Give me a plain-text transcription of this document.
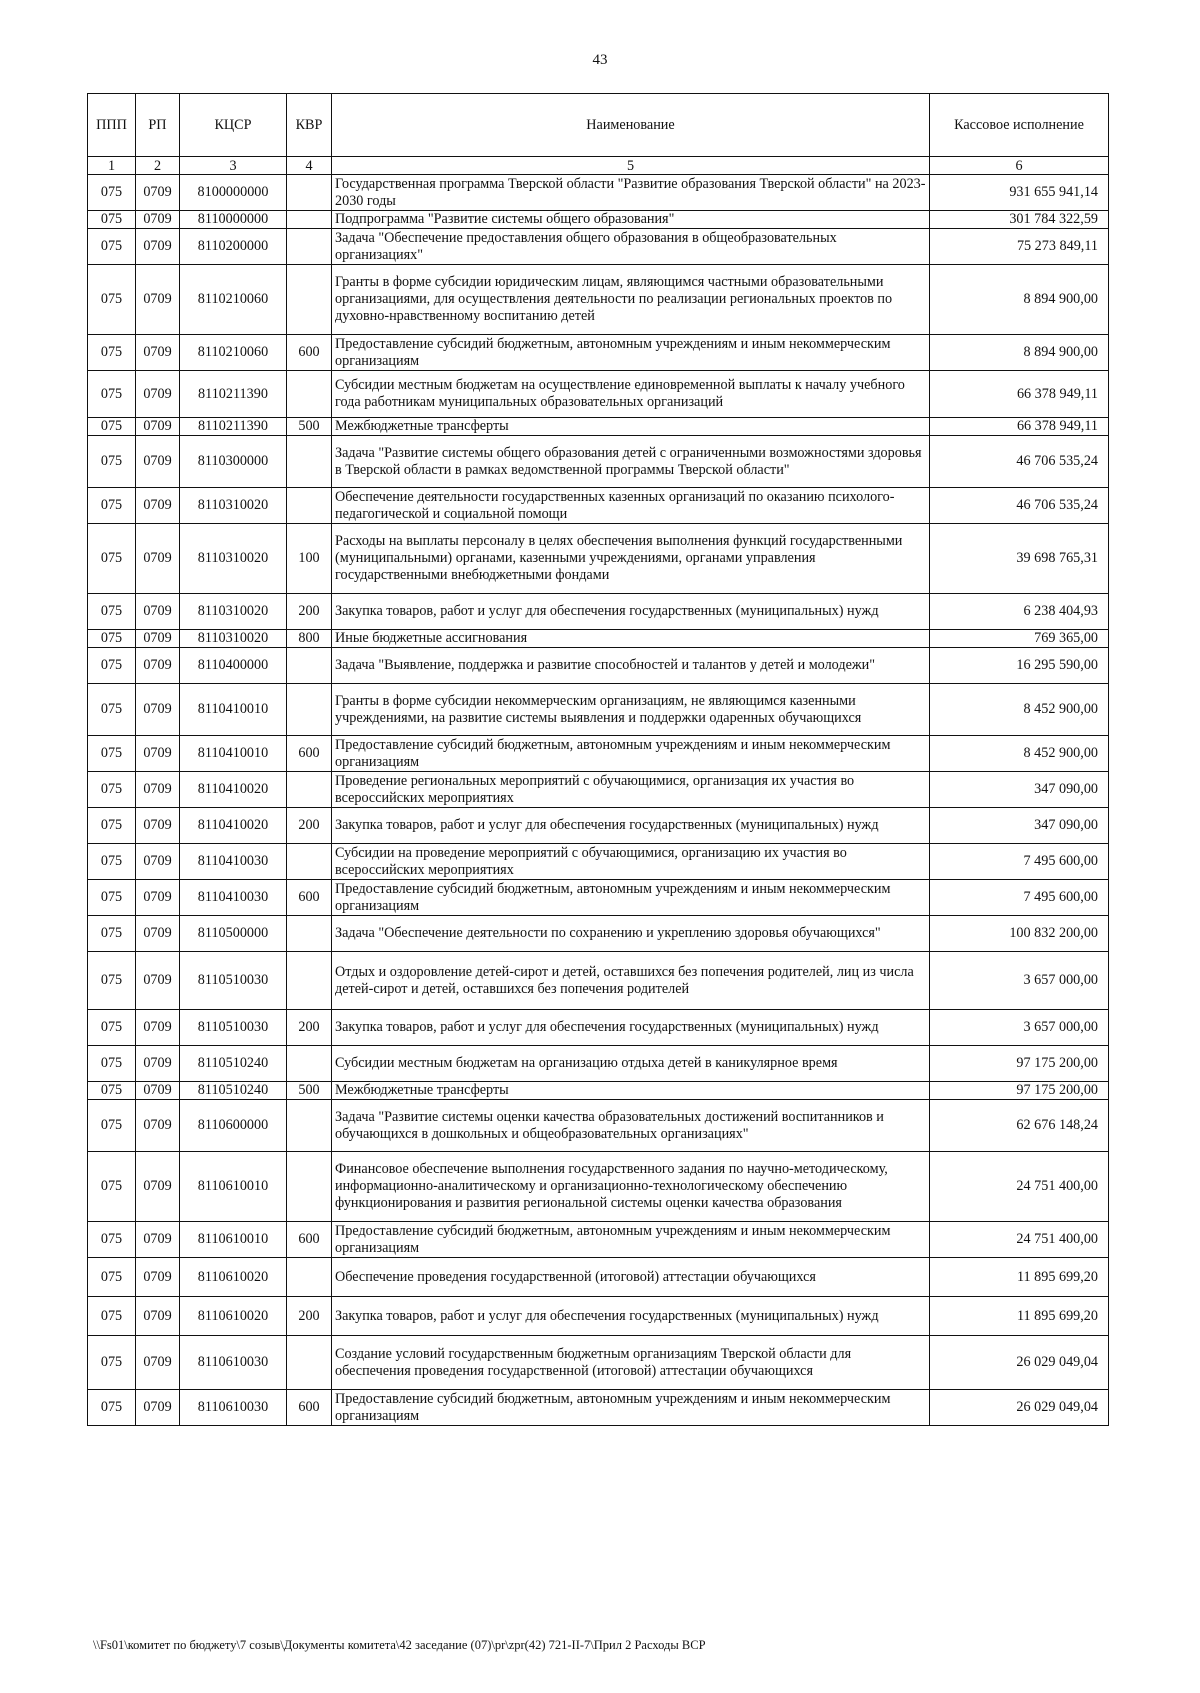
43
ППП	РП	КЦСР	КВР	Наименование	Кассовое исполнение
1	2	3	4	5	6
075	0709	8100000000		Государственная программа Тверской области "Развитие образования Тверской области" на 2023-2030 годы	931 655 941,14
075	0709	8110000000		Подпрограмма "Развитие системы общего образования"	301 784 322,59
075	0709	8110200000		Задача "Обеспечение предоставления общего образования в общеобразовательных организациях"	75 273 849,11
075	0709	8110210060		Гранты в форме субсидии юридическим лицам, являющимся частными образовательными организациями, для осуществления деятельности по реализации региональных проектов по духовно-нравственному воспитанию детей	8 894 900,00
075	0709	8110210060	600	Предоставление субсидий бюджетным, автономным учреждениям и иным некоммерческим организациям	8 894 900,00
075	0709	8110211390		Субсидии местным бюджетам на осуществление единовременной выплаты к началу учебного года работникам муниципальных образовательных организаций	66 378 949,11
075	0709	8110211390	500	Межбюджетные трансферты	66 378 949,11
075	0709	8110300000		Задача "Развитие системы общего образования детей с ограниченными возможностями здоровья в Тверской области в рамках ведомственной программы Тверской области"	46 706 535,24
075	0709	8110310020		Обеспечение деятельности государственных казенных организаций по оказанию психолого-педагогической и социальной помощи	46 706 535,24
075	0709	8110310020	100	Расходы на выплаты персоналу в целях обеспечения выполнения функций государственными (муниципальными) органами, казенными учреждениями, органами управления государственными внебюджетными фондами	39 698 765,31
075	0709	8110310020	200	Закупка товаров, работ и услуг для обеспечения государственных (муниципальных) нужд	6 238 404,93
075	0709	8110310020	800	Иные бюджетные ассигнования	769 365,00
075	0709	8110400000		Задача "Выявление, поддержка и развитие способностей и талантов у детей и молодежи"	16 295 590,00
075	0709	8110410010		Гранты в форме субсидии некоммерческим организациям, не являющимся казенными учреждениями, на развитие системы выявления и поддержки одаренных обучающихся	8 452 900,00
075	0709	8110410010	600	Предоставление субсидий бюджетным, автономным учреждениям и иным некоммерческим организациям	8 452 900,00
075	0709	8110410020		Проведение региональных мероприятий с обучающимися, организация их участия во всероссийских мероприятиях	347 090,00
075	0709	8110410020	200	Закупка товаров, работ и услуг для обеспечения государственных (муниципальных) нужд	347 090,00
075	0709	8110410030		Субсидии на проведение мероприятий с обучающимися, организацию их участия во всероссийских мероприятиях	7 495 600,00
075	0709	8110410030	600	Предоставление субсидий бюджетным, автономным учреждениям и иным некоммерческим организациям	7 495 600,00
075	0709	8110500000		Задача "Обеспечение деятельности по сохранению и укреплению здоровья обучающихся"	100 832 200,00
075	0709	8110510030		Отдых и оздоровление детей-сирот и детей, оставшихся без попечения родителей, лиц из числа детей-сирот и детей, оставшихся без попечения родителей	3 657 000,00
075	0709	8110510030	200	Закупка товаров, работ и услуг для обеспечения государственных (муниципальных) нужд	3 657 000,00
075	0709	8110510240		Субсидии местным бюджетам на организацию отдыха детей в каникулярное время	97 175 200,00
075	0709	8110510240	500	Межбюджетные трансферты	97 175 200,00
075	0709	8110600000		Задача "Развитие системы оценки качества образовательных достижений воспитанников и обучающихся в дошкольных и общеобразовательных организациях"	62 676 148,24
075	0709	8110610010		Финансовое обеспечение выполнения государственного задания по научно-методическому, информационно-аналитическому и организационно-технологическому обеспечению функционирования и развития региональной системы оценки качества образования	24 751 400,00
075	0709	8110610010	600	Предоставление субсидий бюджетным, автономным учреждениям и иным некоммерческим организациям	24 751 400,00
075	0709	8110610020		Обеспечение проведения государственной (итоговой) аттестации обучающихся	11 895 699,20
075	0709	8110610020	200	Закупка товаров, работ и услуг для обеспечения государственных (муниципальных) нужд	11 895 699,20
075	0709	8110610030		Создание условий государственным бюджетным организациям Тверской области для обеспечения проведения государственной (итоговой) аттестации обучающихся	26 029 049,04
075	0709	8110610030	600	Предоставление субсидий бюджетным, автономным учреждениям и иным некоммерческим организациям	26 029 049,04
\\Fs01\комитет по бюджету\7 созыв\Документы комитета\42 заседание (07)\pr\zpr(42) 721-II-7\Прил 2 Расходы ВСР
